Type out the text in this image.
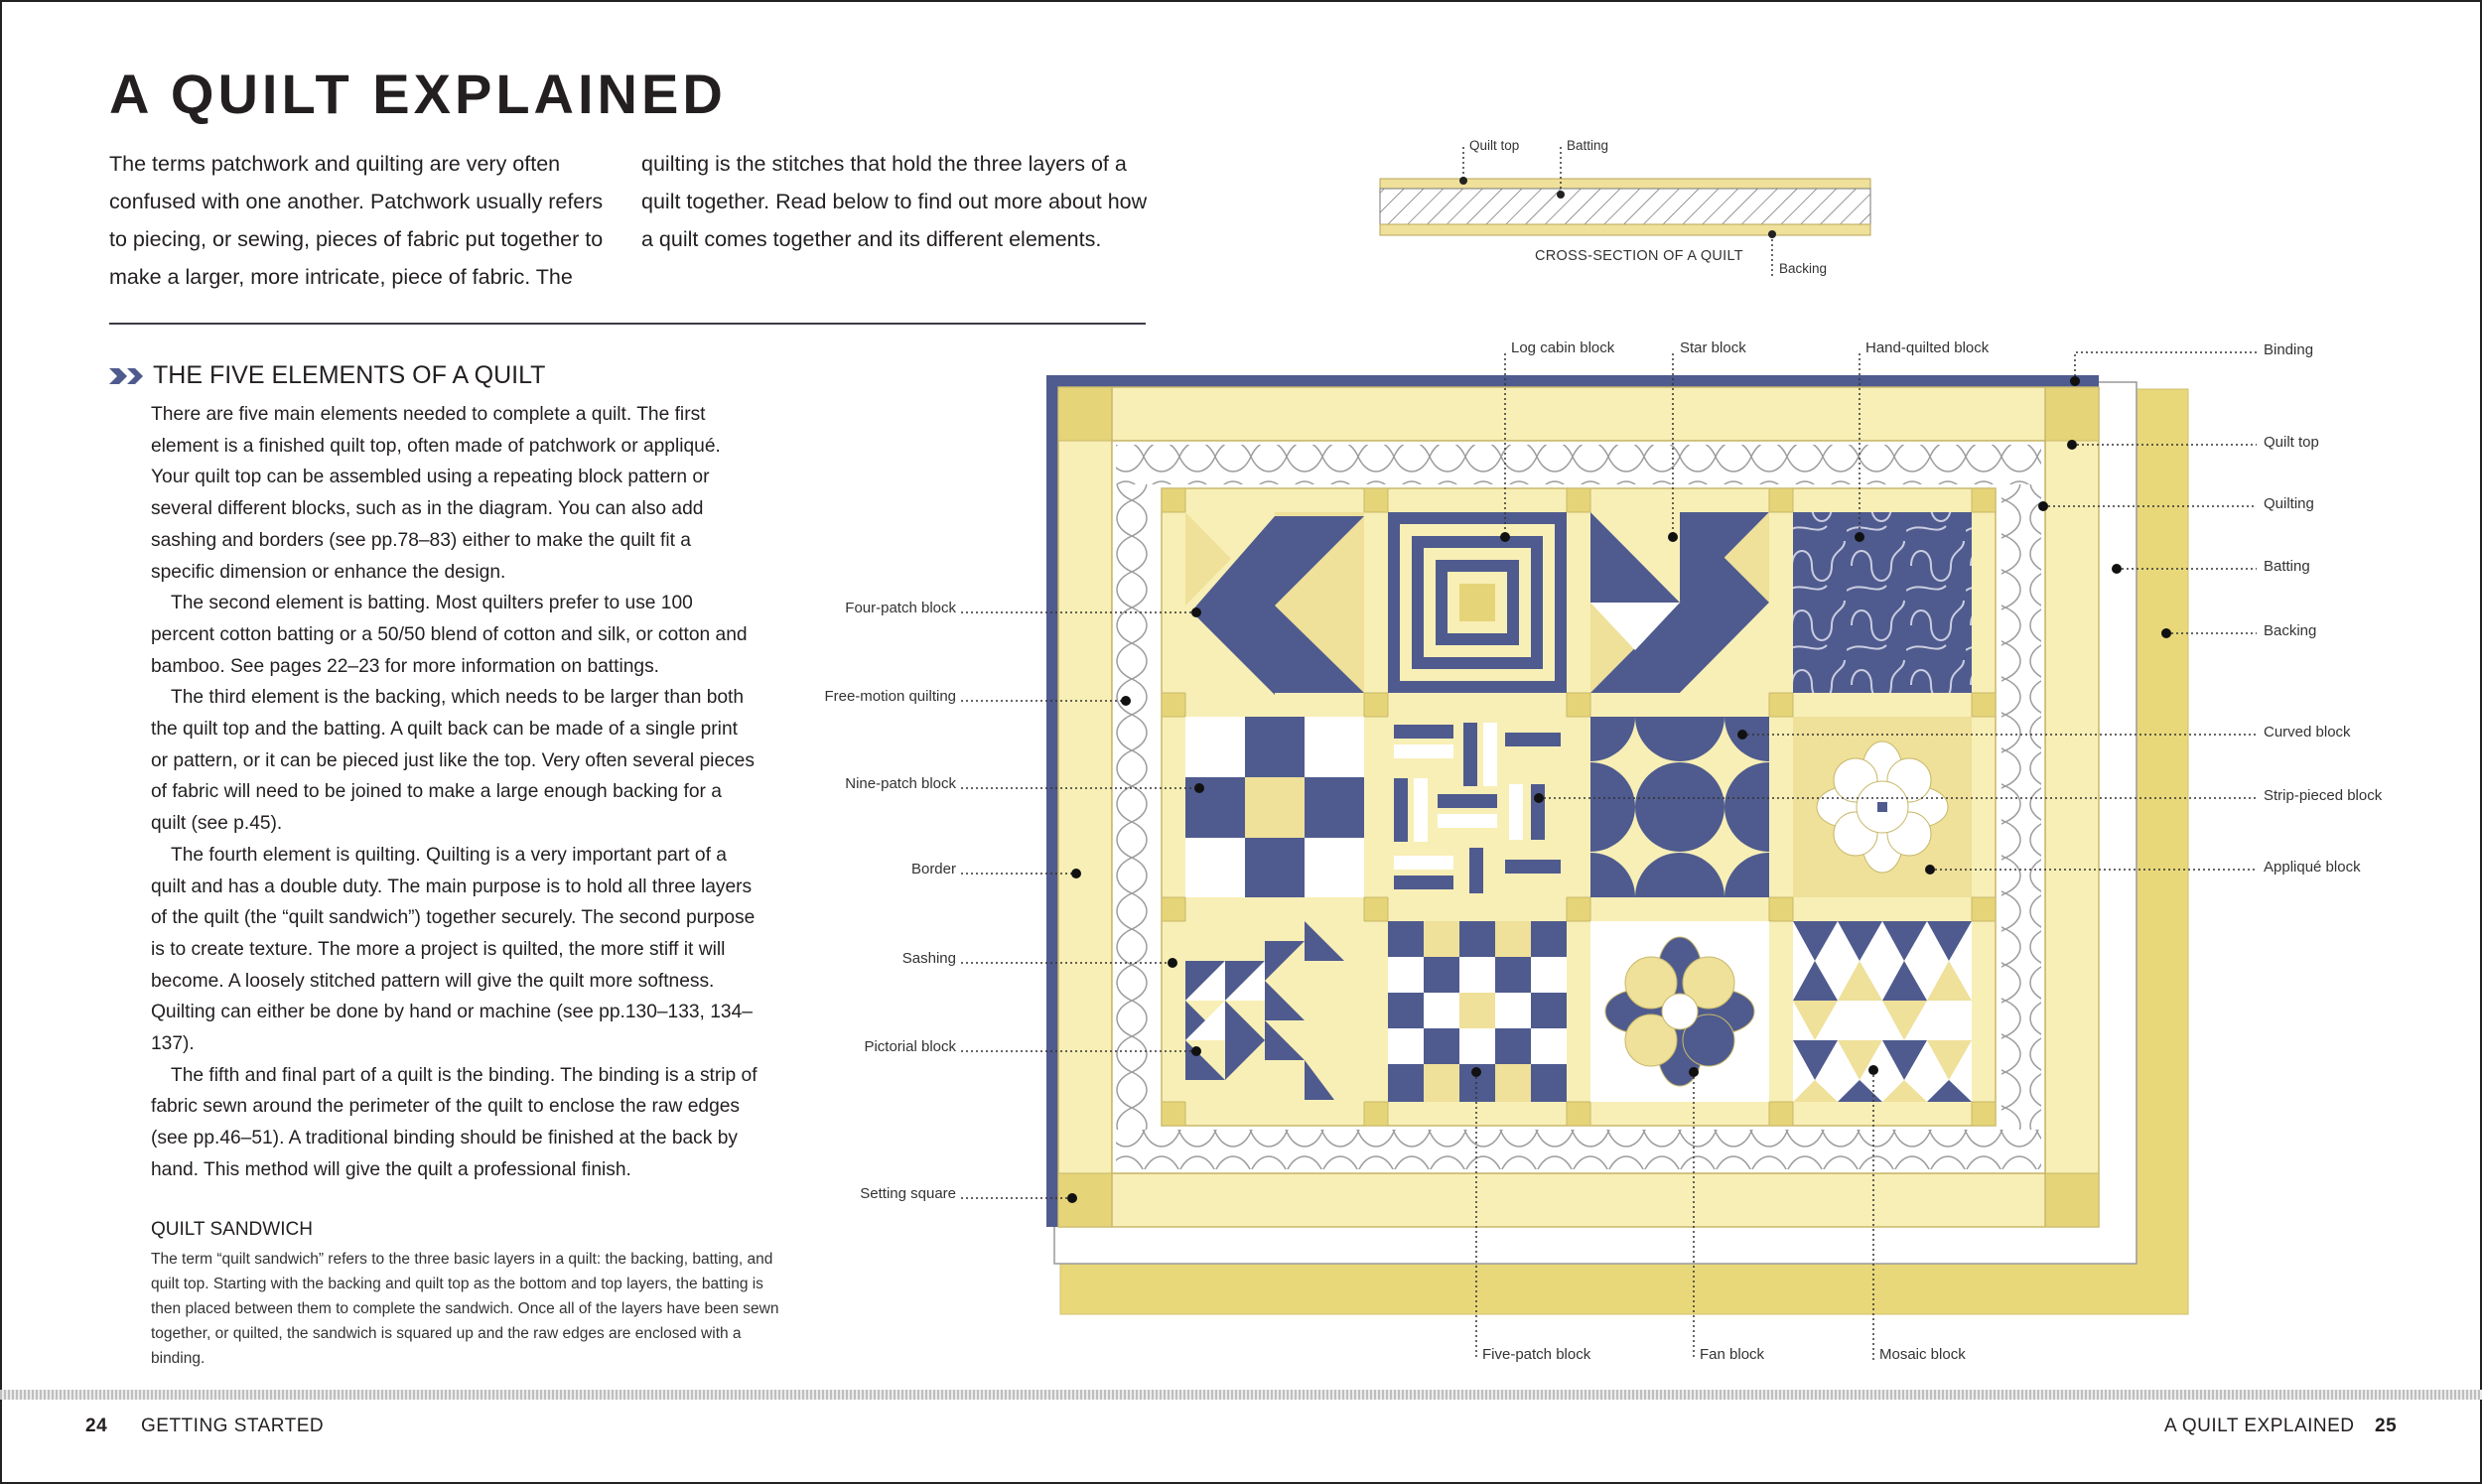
A QUILT EXPLAINED
The terms patchwork and quilting are very often confused with one another. Patchwork usually refers to piecing, or sewing, pieces of fabric put together to make a larger, more intricate, piece of fabric. The
quilting is the stitches that hold the three layers of a quilt together. Read below to find out more about how a quilt comes together and its different elements.
THE FIVE ELEMENTS OF A QUILT

There are five main elements needed to complete a quilt. The first element is a finished quilt top, often made of patchwork or appliqué. Your quilt top can be assembled using a repeating block pattern or several different blocks, such as in the diagram. You can also add sashing and borders (see pp.78–83) either to make the quilt fit a specific dimension or enhance the design.

The second element is batting. Most quilters prefer to use 100 percent cotton batting or a 50/50 blend of cotton and silk, or cotton and bamboo. See pages 22–23 for more information on battings.

The third element is the backing, which needs to be larger than both the quilt top and the batting. A quilt back can be made of a single print or pattern, or it can be pieced just like the top. Very often several pieces of fabric will need to be joined to make a large enough backing for a quilt (see p.45).

The fourth element is quilting. Quilting is a very important part of a quilt and has a double duty. The main purpose is to hold all three layers of the quilt (the “quilt sandwich”) together securely. The second purpose is to create texture. The more a project is quilted, the more stiff it will become. A loosely stitched pattern will give the quilt more softness. Quilting can either be done by hand or machine (see pp.130–133, 134–137).

The fifth and final part of a quilt is the binding. The binding is a strip of fabric sewn around the perimeter of the quilt to enclose the raw edges (see pp.46–51). A traditional binding should be finished at the back by hand. This method will give the quilt a professional finish.

QUILT SANDWICH
The term “quilt sandwich” refers to the three basic layers in a quilt: the backing, batting, and quilt top. Starting with the backing and quilt top as the bottom and top layers, the batting is then placed between them to complete the sandwich. Once all of the layers have been sewn together, or quilted, the sandwich is squared up and the raw edges are enclosed with a binding.
Quilt top	Batting
Backing
CROSS-SECTION OF A QUILT
Log cabin block	Star block	Hand-quilted block
Five-patch block	Fan block	Mosaic block
Four-patch block
Free-motion quilting
Nine-patch block
Border
Sashing
Pictorial block
Setting square
Binding
Quilt top
Quilting
Batting
Backing
Curved block
Strip-pieced block
Appliqué block
24 GETTING STARTED	A QUILT EXPLAINED 25
